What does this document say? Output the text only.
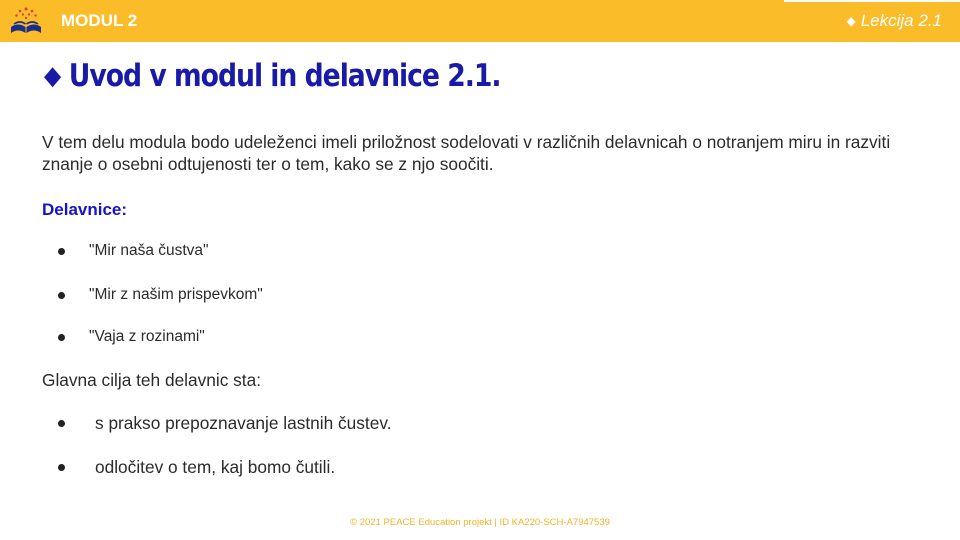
MODUL 2	◆ Lekcija 2.1
◆ Uvod v modul in delavnice 2.1.

V tem delu modula bodo udeleženci imeli priložnost sodelovati v različnih delavnicah o notranjem miru in razviti znanje o osebni odtujenosti ter o tem, kako se z njo soočiti.

Delavnice:
"Mir naša čustva"
"Mir z našim prispevkom"
"Vaja z rozinami"
Glavna cilja teh delavnic sta:
s prakso prepoznavanje lastnih čustev.
odločitev o tem, kaj bomo čutili.
© 2021 PEACE Education projekt | ID KA220-SCH-A7947539
